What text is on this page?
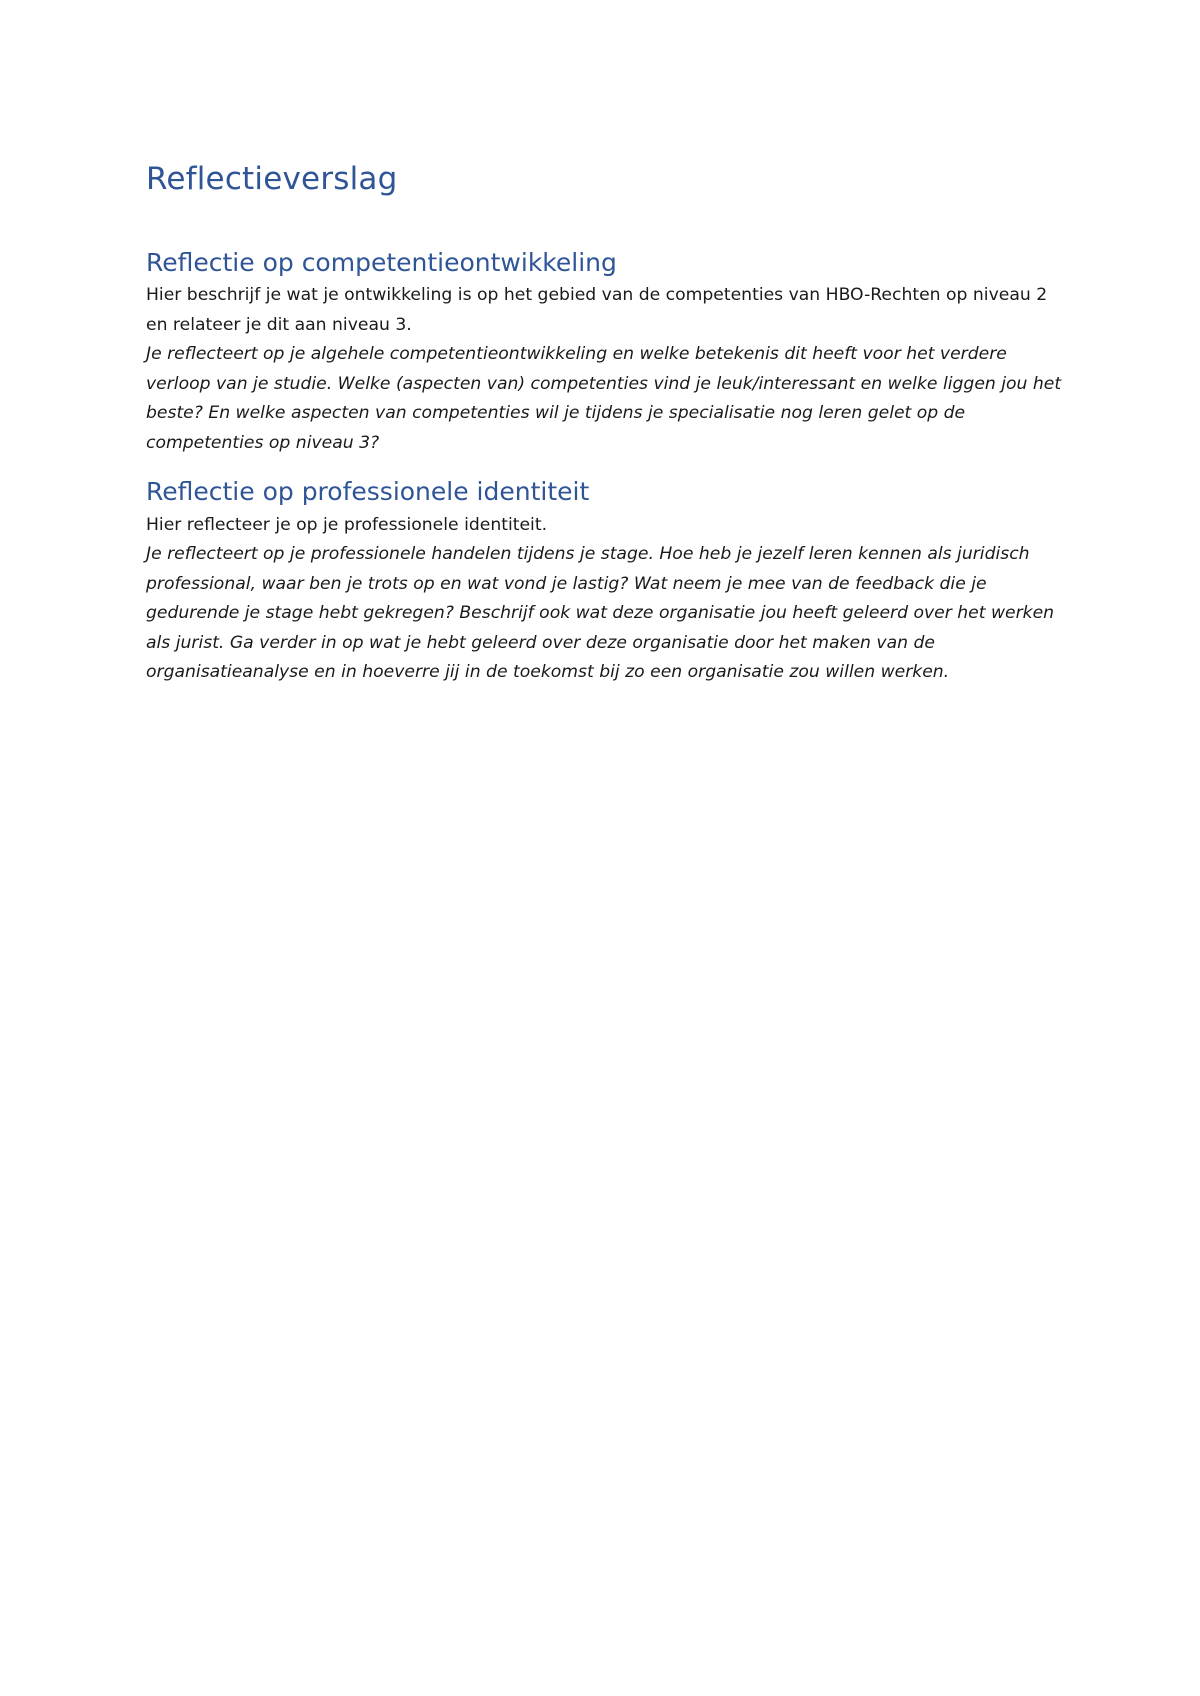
Reflectieverslag
Reflectie op competentieontwikkeling

Hier beschrijf je wat je ontwikkeling is op het gebied van de competenties van HBO-Rechten op niveau 2 en relateer je dit aan niveau 3.

Je reflecteert op je algehele competentieontwikkeling en welke betekenis dit heeft voor het verdere verloop van je studie. Welke (aspecten van) competenties vind je leuk/interessant en welke liggen jou het beste? En welke aspecten van competenties wil je tijdens je specialisatie nog leren gelet op de competenties op niveau 3?

Reflectie op professionele identiteit

Hier reflecteer je op je professionele identiteit.

Je reflecteert op je professionele handelen tijdens je stage. Hoe heb je jezelf leren kennen als juridisch professional, waar ben je trots op en wat vond je lastig? Wat neem je mee van de feedback die je gedurende je stage hebt gekregen? Beschrijf ook wat deze organisatie jou heeft geleerd over het werken als jurist. Ga verder in op wat je hebt geleerd over deze organisatie door het maken van de organisatieanalyse en in hoeverre jij in de toekomst bij zo een organisatie zou willen werken.
